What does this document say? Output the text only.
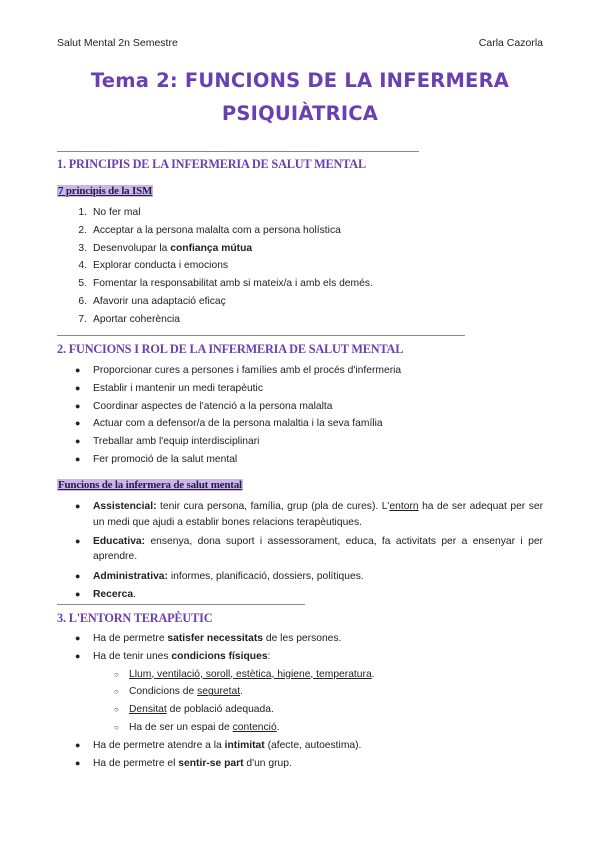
Salut Mental 2n Semestre	Carla Cazorla
Tema 2: FUNCIONS DE LA INFERMERA
PSIQUIÀTRICA
1. PRINCIPIS DE LA INFERMERIA DE SALUT MENTAL
7 principis de la ISM
1. No fer mal
2. Acceptar a la persona malalta com a persona holística
3. Desenvolupar la confiança mútua
4. Explorar conducta i emocions
5. Fomentar la responsabilitat amb si mateix/a i amb els demés.
6. Afavorir una adaptació eficaç
7. Aportar coherència
2. FUNCIONS I ROL DE LA INFERMERIA DE SALUT MENTAL
●	Proporcionar cures a persones i famílies amb el procés d'infermeria
●	Establir i mantenir un medi terapèutic
●	Coordinar aspectes de l'atenció a la persona malalta
●	Actuar com a defensor/a de la persona malaltia i la seva família
●	Treballar amb l'equip interdisciplinari
●	Fer promoció de la salut mental
Funcions de la infermera de salut mental
●	Assistencial: tenir cura persona, família, grup (pla de cures). L'entorn ha de ser adequat per ser un medi que ajudi a establir bones relacions terapèutiques.
●	Educativa: ensenya, dona suport i assessorament, educa, fa activitats per a ensenyar i per aprendre.
●	Administrativa: informes, planificació, dossiers, polítiques.
●	Recerca.
3. L'ENTORN TERAPÈUTIC
●	Ha de permetre satisfer necessitats de les persones.
●	Ha de tenir unes condicions físiques:
○ Llum, ventilació, soroll, estètica, higiene, temperatura.
○ Condicions de seguretat.
○ Densitat de població adequada.
○ Ha de ser un espai de contenció.
●	Ha de permetre atendre a la intimitat (afecte, autoestima).
●	Ha de permetre el sentir-se part d'un grup.
